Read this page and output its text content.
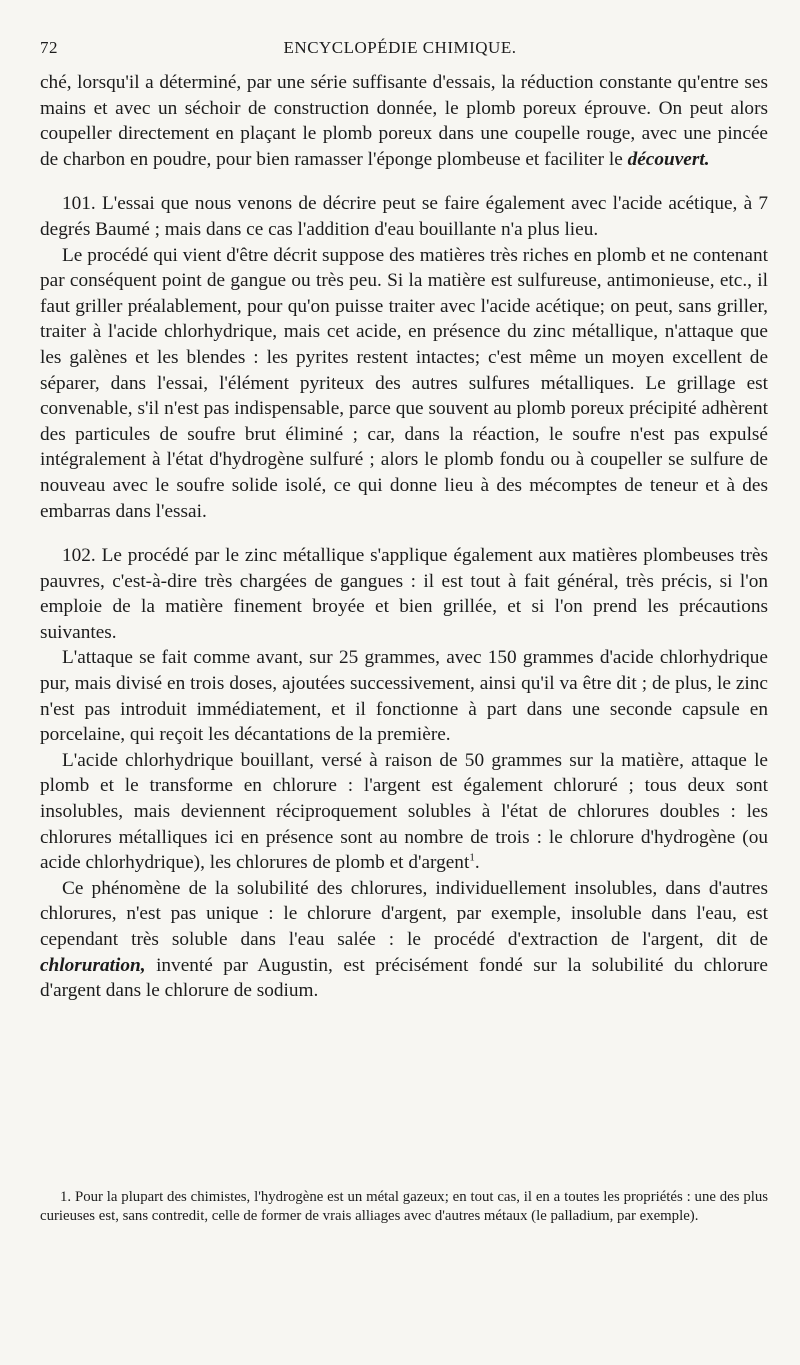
72	ENCYCLOPÉDIE CHIMIQUE.

ché, lorsqu'il a déterminé, par une série suffisante d'essais, la réduction constante qu'entre ses mains et avec un séchoir de construction donnée, le plomb poreux éprouve. On peut alors coupeller directement en plaçant le plomb poreux dans une coupelle rouge, avec une pincée de charbon en poudre, pour bien ramasser l'éponge plombeuse et faciliter le découvert.

101. L'essai que nous venons de décrire peut se faire également avec l'acide acétique, à 7 degrés Baumé ; mais dans ce cas l'addition d'eau bouillante n'a plus lieu.

Le procédé qui vient d'être décrit suppose des matières très riches en plomb et ne contenant par conséquent point de gangue ou très peu. Si la matière est sulfureuse, antimonieuse, etc., il faut griller préalablement, pour qu'on puisse traiter avec l'acide acétique; on peut, sans griller, traiter à l'acide chlorhydrique, mais cet acide, en présence du zinc métallique, n'attaque que les galènes et les blendes : les pyrites restent intactes; c'est même un moyen excellent de séparer, dans l'essai, l'élément pyriteux des autres sulfures métalliques. Le grillage est convenable, s'il n'est pas indispensable, parce que souvent au plomb poreux précipité adhèrent des particules de soufre brut éliminé ; car, dans la réaction, le soufre n'est pas expulsé intégralement à l'état d'hydrogène sulfuré ; alors le plomb fondu ou à coupeller se sulfure de nouveau avec le soufre solide isolé, ce qui donne lieu à des mécomptes de teneur et à des embarras dans l'essai.

102. Le procédé par le zinc métallique s'applique également aux matières plombeuses très pauvres, c'est-à-dire très chargées de gangues : il est tout à fait général, très précis, si l'on emploie de la matière finement broyée et bien grillée, et si l'on prend les précautions suivantes.

L'attaque se fait comme avant, sur 25 grammes, avec 150 grammes d'acide chlorhydrique pur, mais divisé en trois doses, ajoutées successivement, ainsi qu'il va être dit ; de plus, le zinc n'est pas introduit immédiatement, et il fonctionne à part dans une seconde capsule en porcelaine, qui reçoit les décantations de la première.

L'acide chlorhydrique bouillant, versé à raison de 50 grammes sur la matière, attaque le plomb et le transforme en chlorure : l'argent est également chloruré ; tous deux sont insolubles, mais deviennent réciproquement solubles à l'état de chlorures doubles : les chlorures métalliques ici en présence sont au nombre de trois : le chlorure d'hydrogène (ou acide chlorhydrique), les chlorures de plomb et d'argent$^1$.

Ce phénomène de la solubilité des chlorures, individuellement insolubles, dans d'autres chlorures, n'est pas unique : le chlorure d'argent, par exemple, insoluble dans l'eau, est cependant très soluble dans l'eau salée : le procédé d'extraction de l'argent, dit de chloruration, inventé par Augustin, est précisément fondé sur la solubilité du chlorure d'argent dans le chlorure de sodium.

1. Pour la plupart des chimistes, l'hydrogène est un métal gazeux; en tout cas, il en a toutes les propriétés : une des plus curieuses est, sans contredit, celle de former de vrais alliages avec d'autres métaux (le palladium, par exemple).
